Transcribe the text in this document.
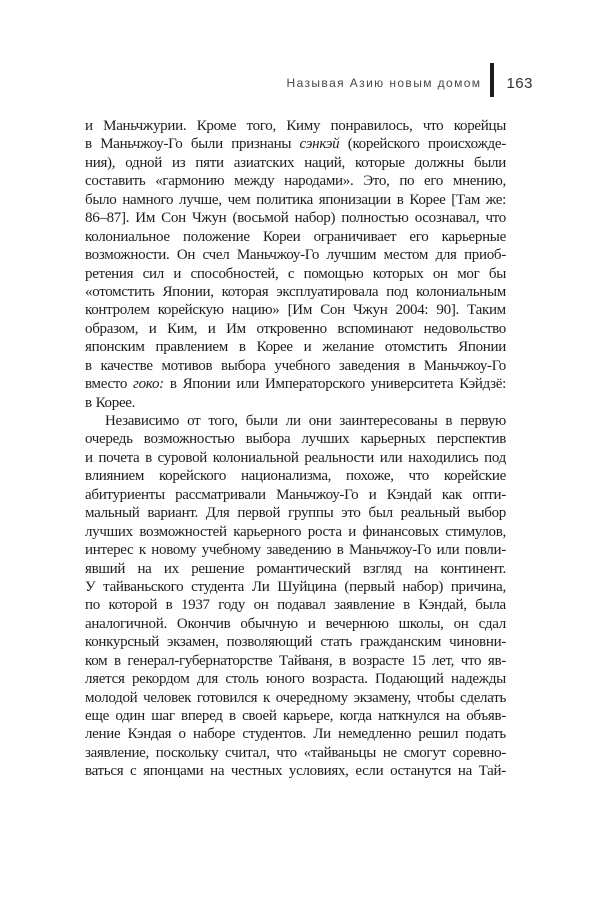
Называя Азию новым домом 163
и Маньчжурии. Кроме того, Киму понравилось, что корейцы
в Маньчжоу-Го были признаны сэнкэй (корейского происхожде-
ния), одной из пяти азиатских наций, которые должны были
составить «гармонию между народами». Это, по его мнению,
было намного лучше, чем политика японизации в Корее [Там же:
86–87]. Им Сон Чжун (восьмой набор) полностью осознавал, что
колониальное положение Кореи ограничивает его карьерные
возможности. Он счел Маньчжоу-Го лучшим местом для приоб-
ретения сил и способностей, с помощью которых он мог бы
«отомстить Японии, которая эксплуатировала под колониальным
контролем корейскую нацию» [Им Сон Чжун 2004: 90]. Таким
образом, и Ким, и Им откровенно вспоминают недовольство
японским правлением в Корее и желание отомстить Японии
в качестве мотивов выбора учебного заведения в Маньчжоу-Го
вместо гоко: в Японии или Императорского университета Кэйдзё:
в Корее.
Независимо от того, были ли они заинтересованы в первую
очередь возможностью выбора лучших карьерных перспектив
и почета в суровой колониальной реальности или находились под
влиянием корейского национализма, похоже, что корейские
абитуриенты рассматривали Маньчжоу-Го и Кэндай как опти-
мальный вариант. Для первой группы это был реальный выбор
лучших возможностей карьерного роста и финансовых стимулов,
интерес к новому учебному заведению в Маньчжоу-Го или повли-
явший на их решение романтический взгляд на континент.
У тайваньского студента Ли Шуйцина (первый набор) причина,
по которой в 1937 году он подавал заявление в Кэндай, была
аналогичной. Окончив обычную и вечернюю школы, он сдал
конкурсный экзамен, позволяющий стать гражданским чиновни-
ком в генерал-губернаторстве Тайваня, в возрасте 15 лет, что яв-
ляется рекордом для столь юного возраста. Подающий надежды
молодой человек готовился к очередному экзамену, чтобы сделать
еще один шаг вперед в своей карьере, когда наткнулся на объяв-
ление Кэндая о наборе студентов. Ли немедленно решил подать
заявление, поскольку считал, что «тайваньцы не смогут соревно-
ваться с японцами на честных условиях, если останутся на Тай-
